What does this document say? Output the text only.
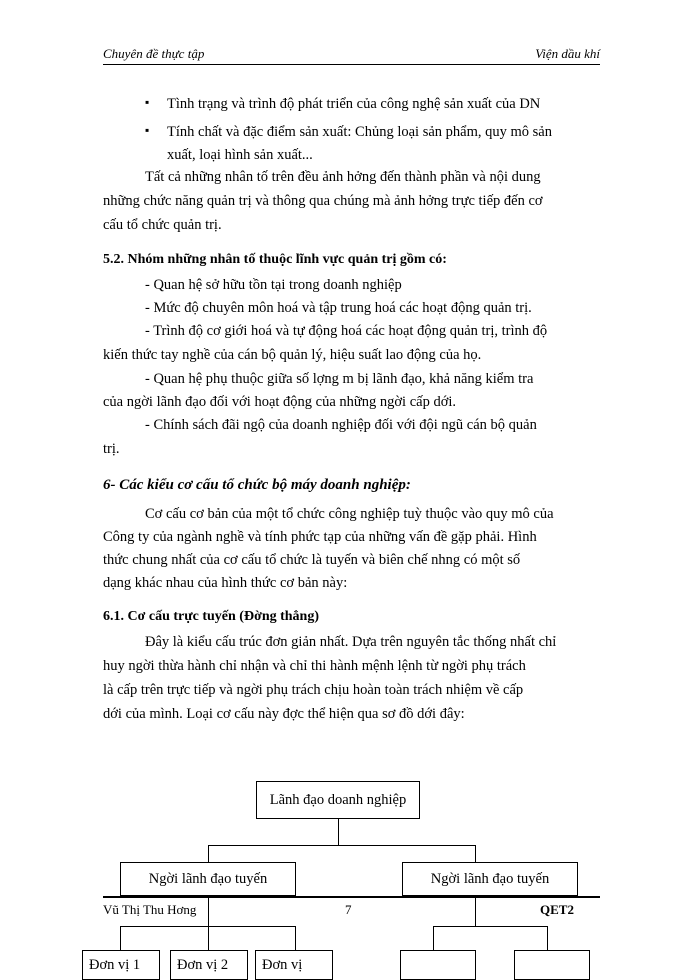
Chuyên đề thực tập	Viện dầu khí
▪ Tình trạng và trình độ phát triển của công nghệ sản xuất của DN
▪ Tính chất và đặc điểm sản xuất: Chủng loại sản phẩm, quy mô sản
xuất, loại hình sản xuất...
Tất cả những nhân tố trên đều ảnh hởng đến thành phần và nội dung
những chức năng quản trị và thông qua chúng mà ảnh hởng trực tiếp đến cơ
cấu tổ chức quản trị.
5.2. Nhóm những nhân tố thuộc lĩnh vực quản trị gồm có:
- Quan hệ sở hữu tồn tại trong doanh nghiệp
- Mức độ chuyên môn hoá và tập trung hoá các hoạt động quản trị.
- Trình độ cơ giới hoá và tự động hoá các hoạt động quản trị, trình độ
kiến thức tay nghề của cán bộ quản lý, hiệu suất lao động của họ.
- Quan hệ phụ thuộc giữa số lợng m bị lãnh đạo, khả năng kiểm tra
của ngời lãnh đạo đối với hoạt động của những ngời cấp dới.
- Chính sách đãi ngộ của doanh nghiệp đối với đội ngũ cán bộ quản
trị.
6- Các kiểu cơ cấu tổ chức bộ máy doanh nghiệp:
Cơ cấu cơ bản của một tổ chức công nghiệp tuỳ thuộc vào quy mô của
Công ty của ngành nghề và tính phức tạp của những vấn đề gặp phải. Hình
thức chung nhất của cơ cấu tổ chức là tuyến và biên chế nhng có một số
dạng khác nhau của hình thức cơ bản này:
6.1. Cơ cấu trực tuyến (Đờng thẳng)
Đây là kiểu cấu trúc đơn giản nhất. Dựa trên nguyên tắc thống nhất chỉ
huy ngời thừa hành chỉ nhận và chỉ thi hành mệnh lệnh từ ngời phụ trách
là cấp trên trực tiếp và ngời phụ trách chịu hoàn toàn trách nhiệm về cấp
dới của mình. Loại cơ cấu này đợc thể hiện qua sơ đồ dới đây:
Lãnh đạo doanh nghiệp
Ngời lãnh đạo tuyến	Ngời lãnh đạo tuyến
Vũ Thị Thu Hơng	7	QET2
Đơn vị 1	Đơn vị 2	Đơn vị
